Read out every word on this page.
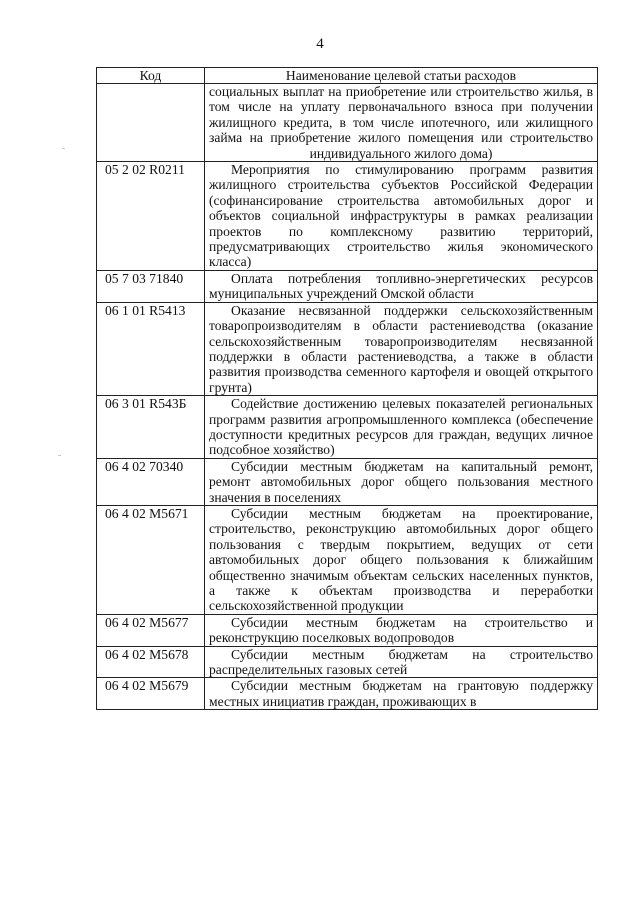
4
Код	Наименование целевой статьи расходов

	социальных выплат на приобретение или строительство жилья, в том числе на уплату первоначального взноса при получении жилищного кредита, в том числе ипотечного, или жилищного займа на приобретение жилого помещения или строительство индивидуального жилого дома)

05 2 02 R0211	Мероприятия по стимулированию программ развития жилищного строительства субъектов Российской Федерации (софинансирование строительства автомобильных дорог и объектов социальной инфраструктуры в рамках реализации проектов по комплексному развитию территорий, предусматривающих строительство жилья экономического класса)

05 7 03 71840	Оплата потребления топливно-энергетических ресурсов муниципальных учреждений Омской области

06 1 01 R5413	Оказание несвязанной поддержки сельскохозяйственным товаропроизводителям в области растениеводства (оказание сельскохозяйственным товаропроизводителям несвязанной поддержки в области растениеводства, а также в области развития производства семенного картофеля и овощей открытого грунта)

06 3 01 R543Б	Содействие достижению целевых показателей региональных программ развития агропромышленного комплекса (обеспечение доступности кредитных ресурсов для граждан, ведущих личное подсобное хозяйство)

06 4 02 70340	Субсидии местным бюджетам на капитальный ремонт, ремонт автомобильных дорог общего пользования местного значения в поселениях

06 4 02 M5671	Субсидии местным бюджетам на проектирование, строительство, реконструкцию автомобильных дорог общего пользования с твердым покрытием, ведущих от сети автомобильных дорог общего пользования к ближайшим общественно значимым объектам сельских населенных пунктов, а также к объектам производства и переработки сельскохозяйственной продукции

06 4 02 M5677	Субсидии местным бюджетам на строительство и реконструкцию поселковых водопроводов

06 4 02 M5678	Субсидии местным бюджетам на строительство распределительных газовых сетей

06 4 02 M5679	Субсидии местным бюджетам на грантовую поддержку местных инициатив граждан, проживающих в
